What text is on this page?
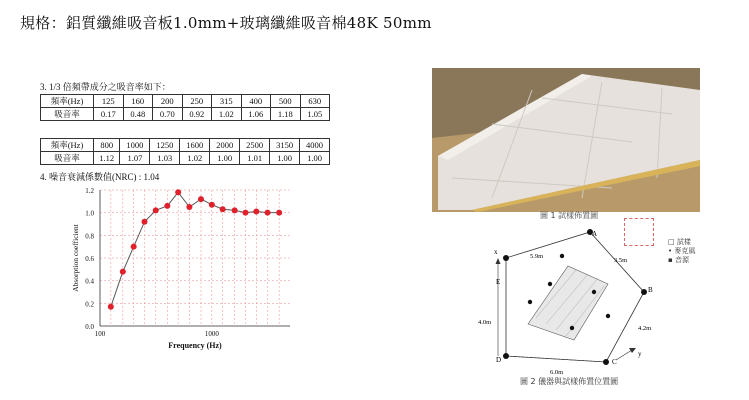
規格：鋁質纖維吸音板1.0mm+玻璃纖維吸音棉48K 50mm
3. 1/3 倍頻帶成分之吸音率如下：
頻率(Hz)	125	160	200	250	315	400	500	630
吸音率	0.17	0.48	0.70	0.92	1.02	1.06	1.18	1.05
頻率(Hz)	800	1000	1250	1600	2000	2500	3150	4000
吸音率	1.12	1.07	1.03	1.02	1.00	1.01	1.00	1.00
4. 噪音衰減係數值(NRC) : 1.04
0.0
0.2
0.4
0.6
0.8
1.0
1.2
100	1000
Frequency (Hz)
Absorption coefficient
圖 1 試樣佈置圖
□ 試樣
• 麥克風
▪ 音源
x
y
A
B
C
D
E
5.9m
3.5m
4.0m
4.2m
6.0m
圖 2 儀器與試樣佈置位置圖
